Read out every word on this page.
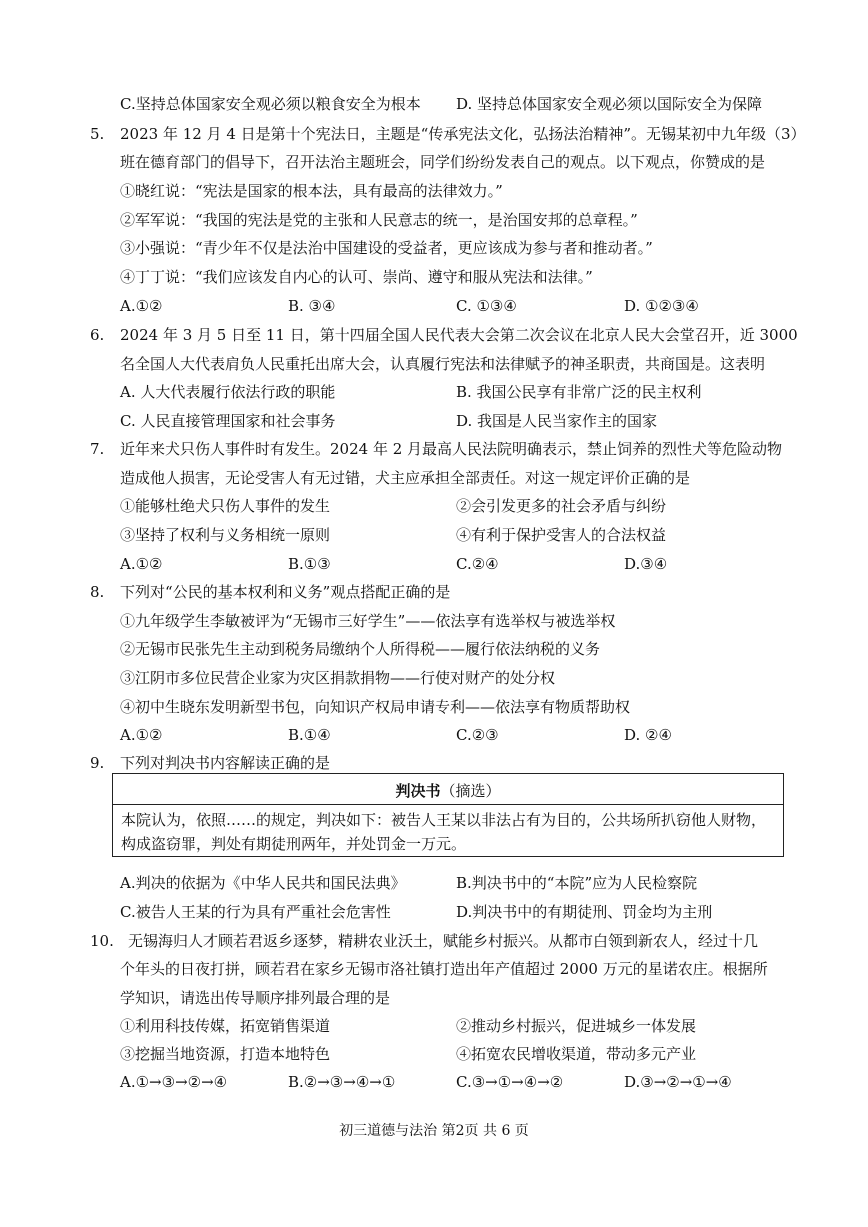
C.坚持总体国家安全观必须以粮食安全为根本 D. 坚持总体国家安全观必须以国际安全为保障
5. 2023 年 12 月 4 日是第十个宪法日，主题是“传承宪法文化，弘扬法治精神”。无锡某初中九年级（3）
班在德育部门的倡导下，召开法治主题班会，同学们纷纷发表自己的观点。以下观点，你赞成的是
①晓红说：“宪法是国家的根本法，具有最高的法律效力。”
②军军说：“我国的宪法是党的主张和人民意志的统一，是治国安邦的总章程。”
③小强说：“青少年不仅是法治中国建设的受益者，更应该成为参与者和推动者。”
④丁丁说：“我们应该发自内心的认可、崇尚、遵守和服从宪法和法律。”
A.①②	B. ③④	C. ①③④	D. ①②③④
6. 2024 年 3 月 5 日至 11 日，第十四届全国人民代表大会第二次会议在北京人民大会堂召开，近 3000
名全国人大代表肩负人民重托出席大会，认真履行宪法和法律赋予的神圣职责，共商国是。这表明
A. 人大代表履行依法行政的职能	B. 我国公民享有非常广泛的民主权利
C. 人民直接管理国家和社会事务	D. 我国是人民当家作主的国家
7. 近年来犬只伤人事件时有发生。2024 年 2 月最高人民法院明确表示，禁止饲养的烈性犬等危险动物
造成他人损害，无论受害人有无过错，犬主应承担全部责任。对这一规定评价正确的是
①能够杜绝犬只伤人事件的发生	②会引发更多的社会矛盾与纠纷
③坚持了权利与义务相统一原则	④有利于保护受害人的合法权益
A.①②	B.①③	C.②④	D.③④
8. 下列对“公民的基本权利和义务”观点搭配正确的是
①九年级学生李敏被评为“无锡市三好学生”——依法享有选举权与被选举权
②无锡市民张先生主动到税务局缴纳个人所得税——履行依法纳税的义务
③江阴市多位民营企业家为灾区捐款捐物——行使对财产的处分权
④初中生晓东发明新型书包，向知识产权局申请专利——依法享有物质帮助权
A.①②	B.①④	C.②③	D. ②④
9. 下列对判决书内容解读正确的是
判决书（摘选）
本院认为，依照……的规定，判决如下：被告人王某以非法占有为目的，公共场所扒窃他人财物，
构成盗窃罪，判处有期徒刑两年，并处罚金一万元。
A.判决的依据为《中华人民共和国民法典》	B.判决书中的“本院”应为人民检察院
C.被告人王某的行为具有严重社会危害性	D.判决书中的有期徒刑、罚金均为主刑
10. 无锡海归人才顾若君返乡逐梦，精耕农业沃土，赋能乡村振兴。从都市白领到新农人，经过十几
个年头的日夜打拼，顾若君在家乡无锡市洛社镇打造出年产值超过 2000 万元的星诺农庄。根据所
学知识，请选出传导顺序排列最合理的是
①利用科技传媒，拓宽销售渠道	②推动乡村振兴，促进城乡一体发展
③挖掘当地资源，打造本地特色	④拓宽农民增收渠道，带动多元产业
A.①→③→②→④	B.②→③→④→①	C.③→①→④→②	D.③→②→①→④
初三道德与法治 第2页 共 6 页
